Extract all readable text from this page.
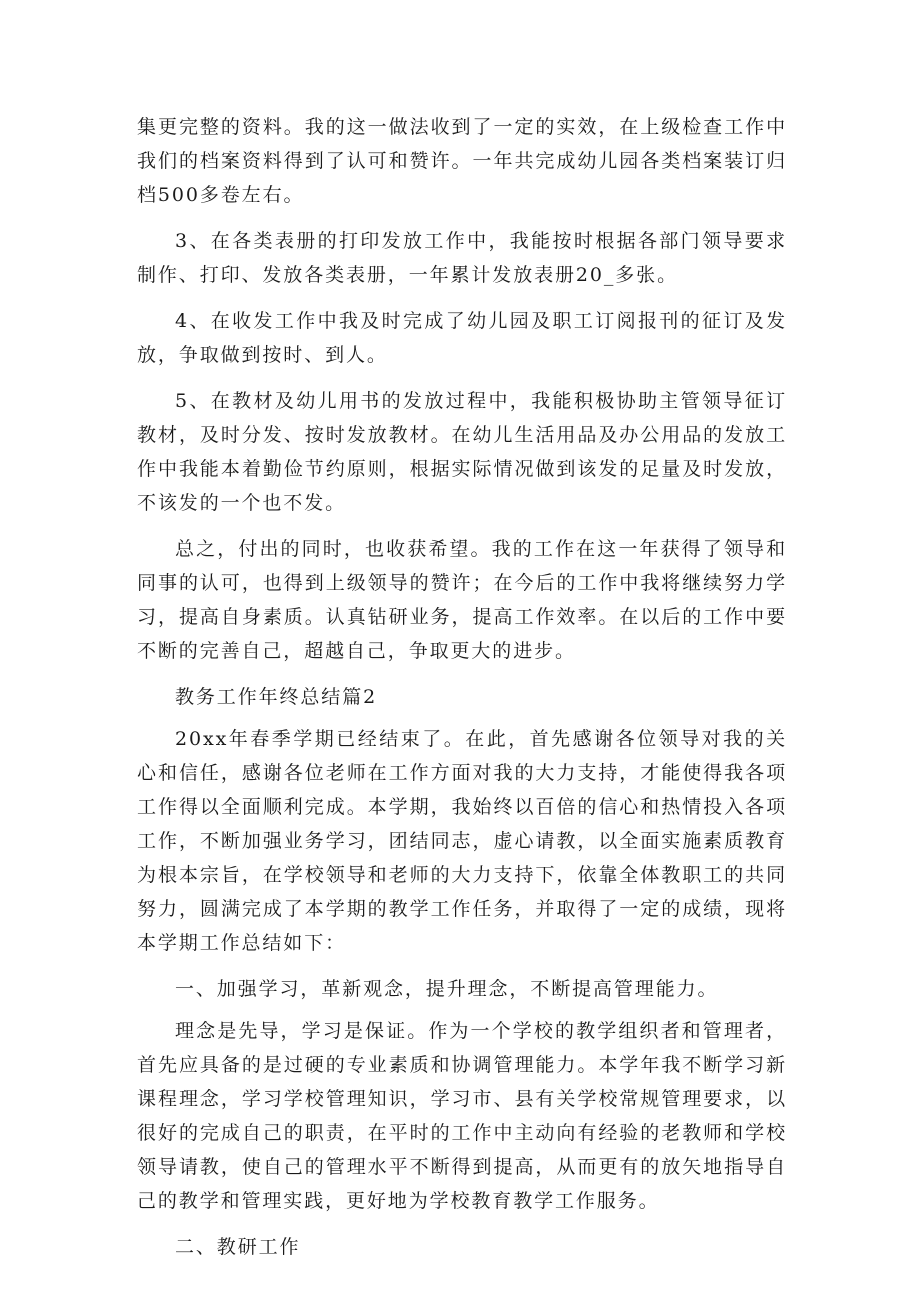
集更完整的资料。我的这一做法收到了一定的实效，在上级检查工作中我们的档案资料得到了认可和赞许。一年共完成幼儿园各类档案装订归档500多卷左右。

3、在各类表册的打印发放工作中，我能按时根据各部门领导要求制作、打印、发放各类表册，一年累计发放表册20_多张。

4、在收发工作中我及时完成了幼儿园及职工订阅报刊的征订及发放，争取做到按时、到人。

5、在教材及幼儿用书的发放过程中，我能积极协助主管领导征订教材，及时分发、按时发放教材。在幼儿生活用品及办公用品的发放工作中我能本着勤俭节约原则，根据实际情况做到该发的足量及时发放，不该发的一个也不发。

总之，付出的同时，也收获希望。我的工作在这一年获得了领导和同事的认可，也得到上级领导的赞许；在今后的工作中我将继续努力学习，提高自身素质。认真钻研业务，提高工作效率。在以后的工作中要不断的完善自己，超越自己，争取更大的进步。

教务工作年终总结篇2

20xx年春季学期已经结束了。在此，首先感谢各位领导对我的关心和信任，感谢各位老师在工作方面对我的大力支持，才能使得我各项工作得以全面顺利完成。本学期，我始终以百倍的信心和热情投入各项工作，不断加强业务学习，团结同志，虚心请教，以全面实施素质教育为根本宗旨，在学校领导和老师的大力支持下，依靠全体教职工的共同努力，圆满完成了本学期的教学工作任务，并取得了一定的成绩，现将本学期工作总结如下：

一、加强学习，革新观念，提升理念，不断提高管理能力。

理念是先导，学习是保证。作为一个学校的教学组织者和管理者，首先应具备的是过硬的专业素质和协调管理能力。本学年我不断学习新课程理念，学习学校管理知识，学习市、县有关学校常规管理要求，以很好的完成自己的职责，在平时的工作中主动向有经验的老教师和学校领导请教，使自己的管理水平不断得到提高，从而更有的放矢地指导自己的教学和管理实践，更好地为学校教育教学工作服务。

二、教研工作
